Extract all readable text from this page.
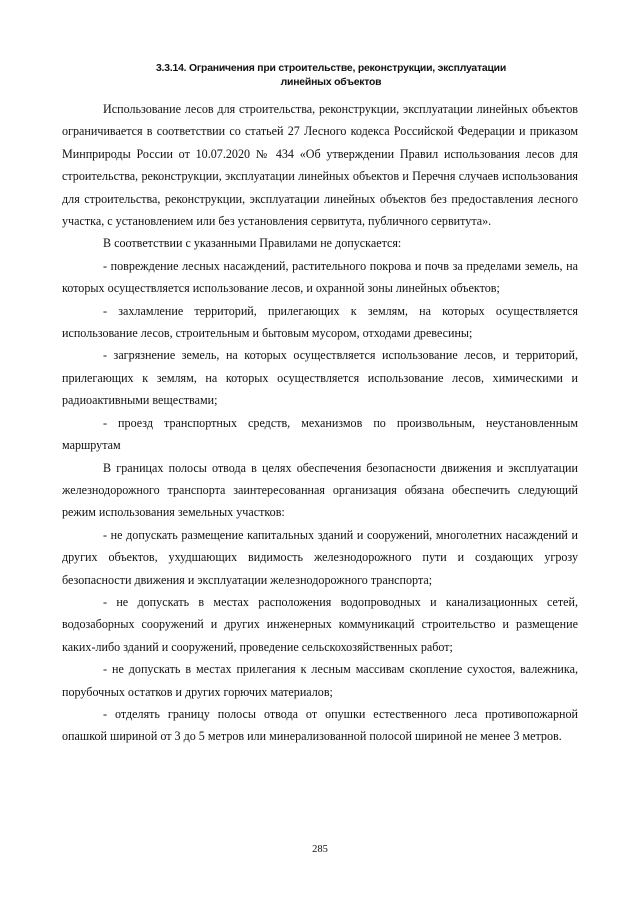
3.3.14. Ограничения при строительстве, реконструкции, эксплуатации
линейных объектов

Использование лесов для строительства, реконструкции, эксплуатации линейных объектов ограничивается в соответствии со статьей 27 Лесного кодекса Российской Федерации и приказом Минприроды России от 10.07.2020 № 434 «Об утверждении Правил использования лесов для строительства, реконструкции, эксплуатации линейных объектов и Перечня случаев использования для строительства, реконструкции, эксплуатации линейных объектов без предоставления лесного участка, с установлением или без установления сервитута, публичного сервитута».

В соответствии с указанными Правилами не допускается:

- повреждение лесных насаждений, растительного покрова и почв за пределами земель, на которых осуществляется использование лесов, и охранной зоны линейных объектов;

- захламление территорий, прилегающих к землям, на которых осуществляется использование лесов, строительным и бытовым мусором, отходами древесины;

- загрязнение земель, на которых осуществляется использование лесов, и территорий, прилегающих к землям, на которых осуществляется использование лесов, химическими и радиоактивными веществами;

- проезд транспортных средств, механизмов по произвольным, неустановленным маршрутам

В границах полосы отвода в целях обеспечения безопасности движения и эксплуатации железнодорожного транспорта заинтересованная организация обязана обеспечить следующий режим использования земельных участков:

- не допускать размещение капитальных зданий и сооружений, многолетних насаждений и других объектов, ухудшающих видимость железнодорожного пути и создающих угрозу безопасности движения и эксплуатации железнодорожного транспорта;

- не допускать в местах расположения водопроводных и канализационных сетей, водозаборных сооружений и других инженерных коммуникаций строительство и размещение каких-либо зданий и сооружений, проведение сельскохозяйственных работ;

- не допускать в местах прилегания к лесным массивам скопление сухостоя, валежника, порубочных остатков и других горючих материалов;

- отделять границу полосы отвода от опушки естественного леса противопожарной опашкой шириной от 3 до 5 метров или минерализованной полосой шириной не менее 3 метров.

285
